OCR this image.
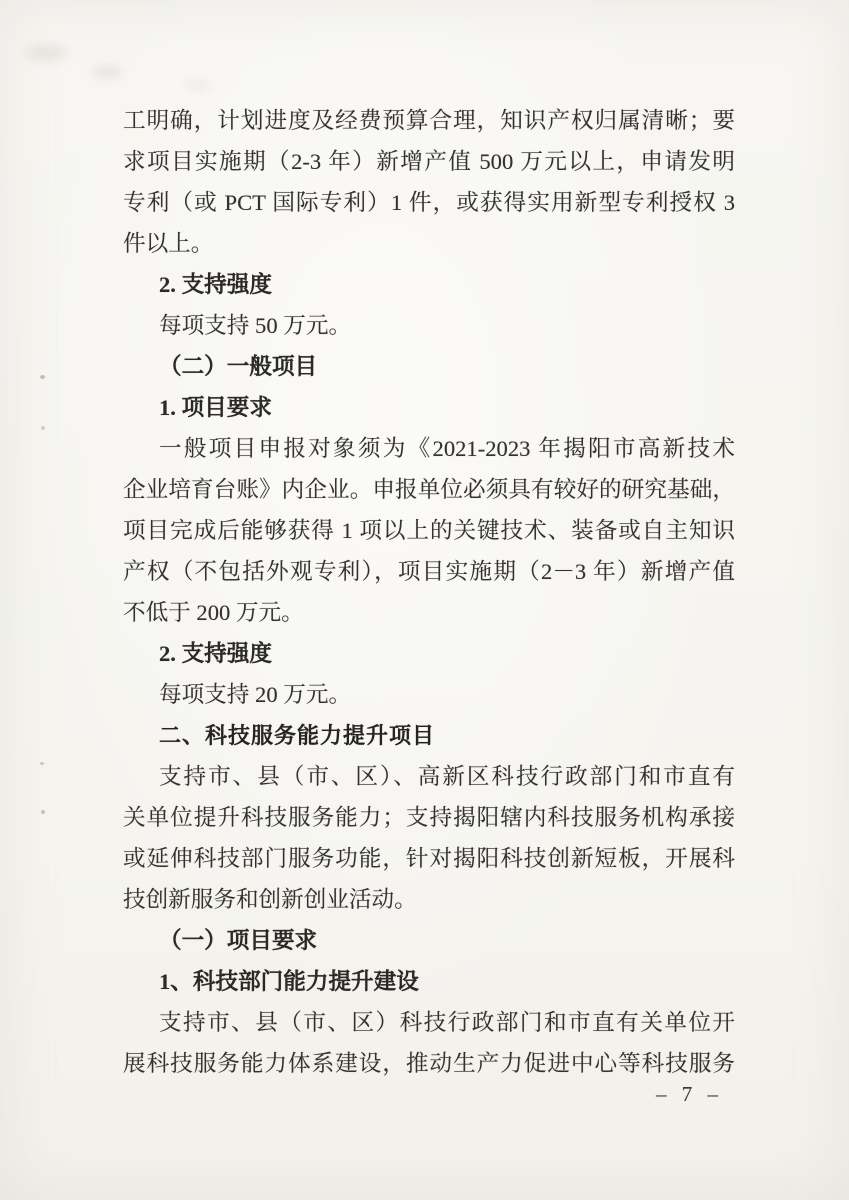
工明确，计划进度及经费预算合理，知识产权归属清晰；要
求项目实施期（2-3 年）新增产值 500 万元以上，申请发明
专利（或 PCT 国际专利）1 件，或获得实用新型专利授权 3
件以上。
2. 支持强度
每项支持 50 万元。
（二）一般项目
1. 项目要求
一般项目申报对象须为《2021-2023 年揭阳市高新技术
企业培育台账》内企业。申报单位必须具有较好的研究基础，
项目完成后能够获得 1 项以上的关键技术、装备或自主知识
产权（不包括外观专利），项目实施期（2－3 年）新增产值
不低于 200 万元。
2. 支持强度
每项支持 20 万元。
二、科技服务能力提升项目
支持市、县（市、区）、高新区科技行政部门和市直有
关单位提升科技服务能力；支持揭阳辖内科技服务机构承接
或延伸科技部门服务功能，针对揭阳科技创新短板，开展科
技创新服务和创新创业活动。
（一）项目要求
1、科技部门能力提升建设
支持市、县（市、区）科技行政部门和市直有关单位开
展科技服务能力体系建设，推动生产力促进中心等科技服务
– 7 –
